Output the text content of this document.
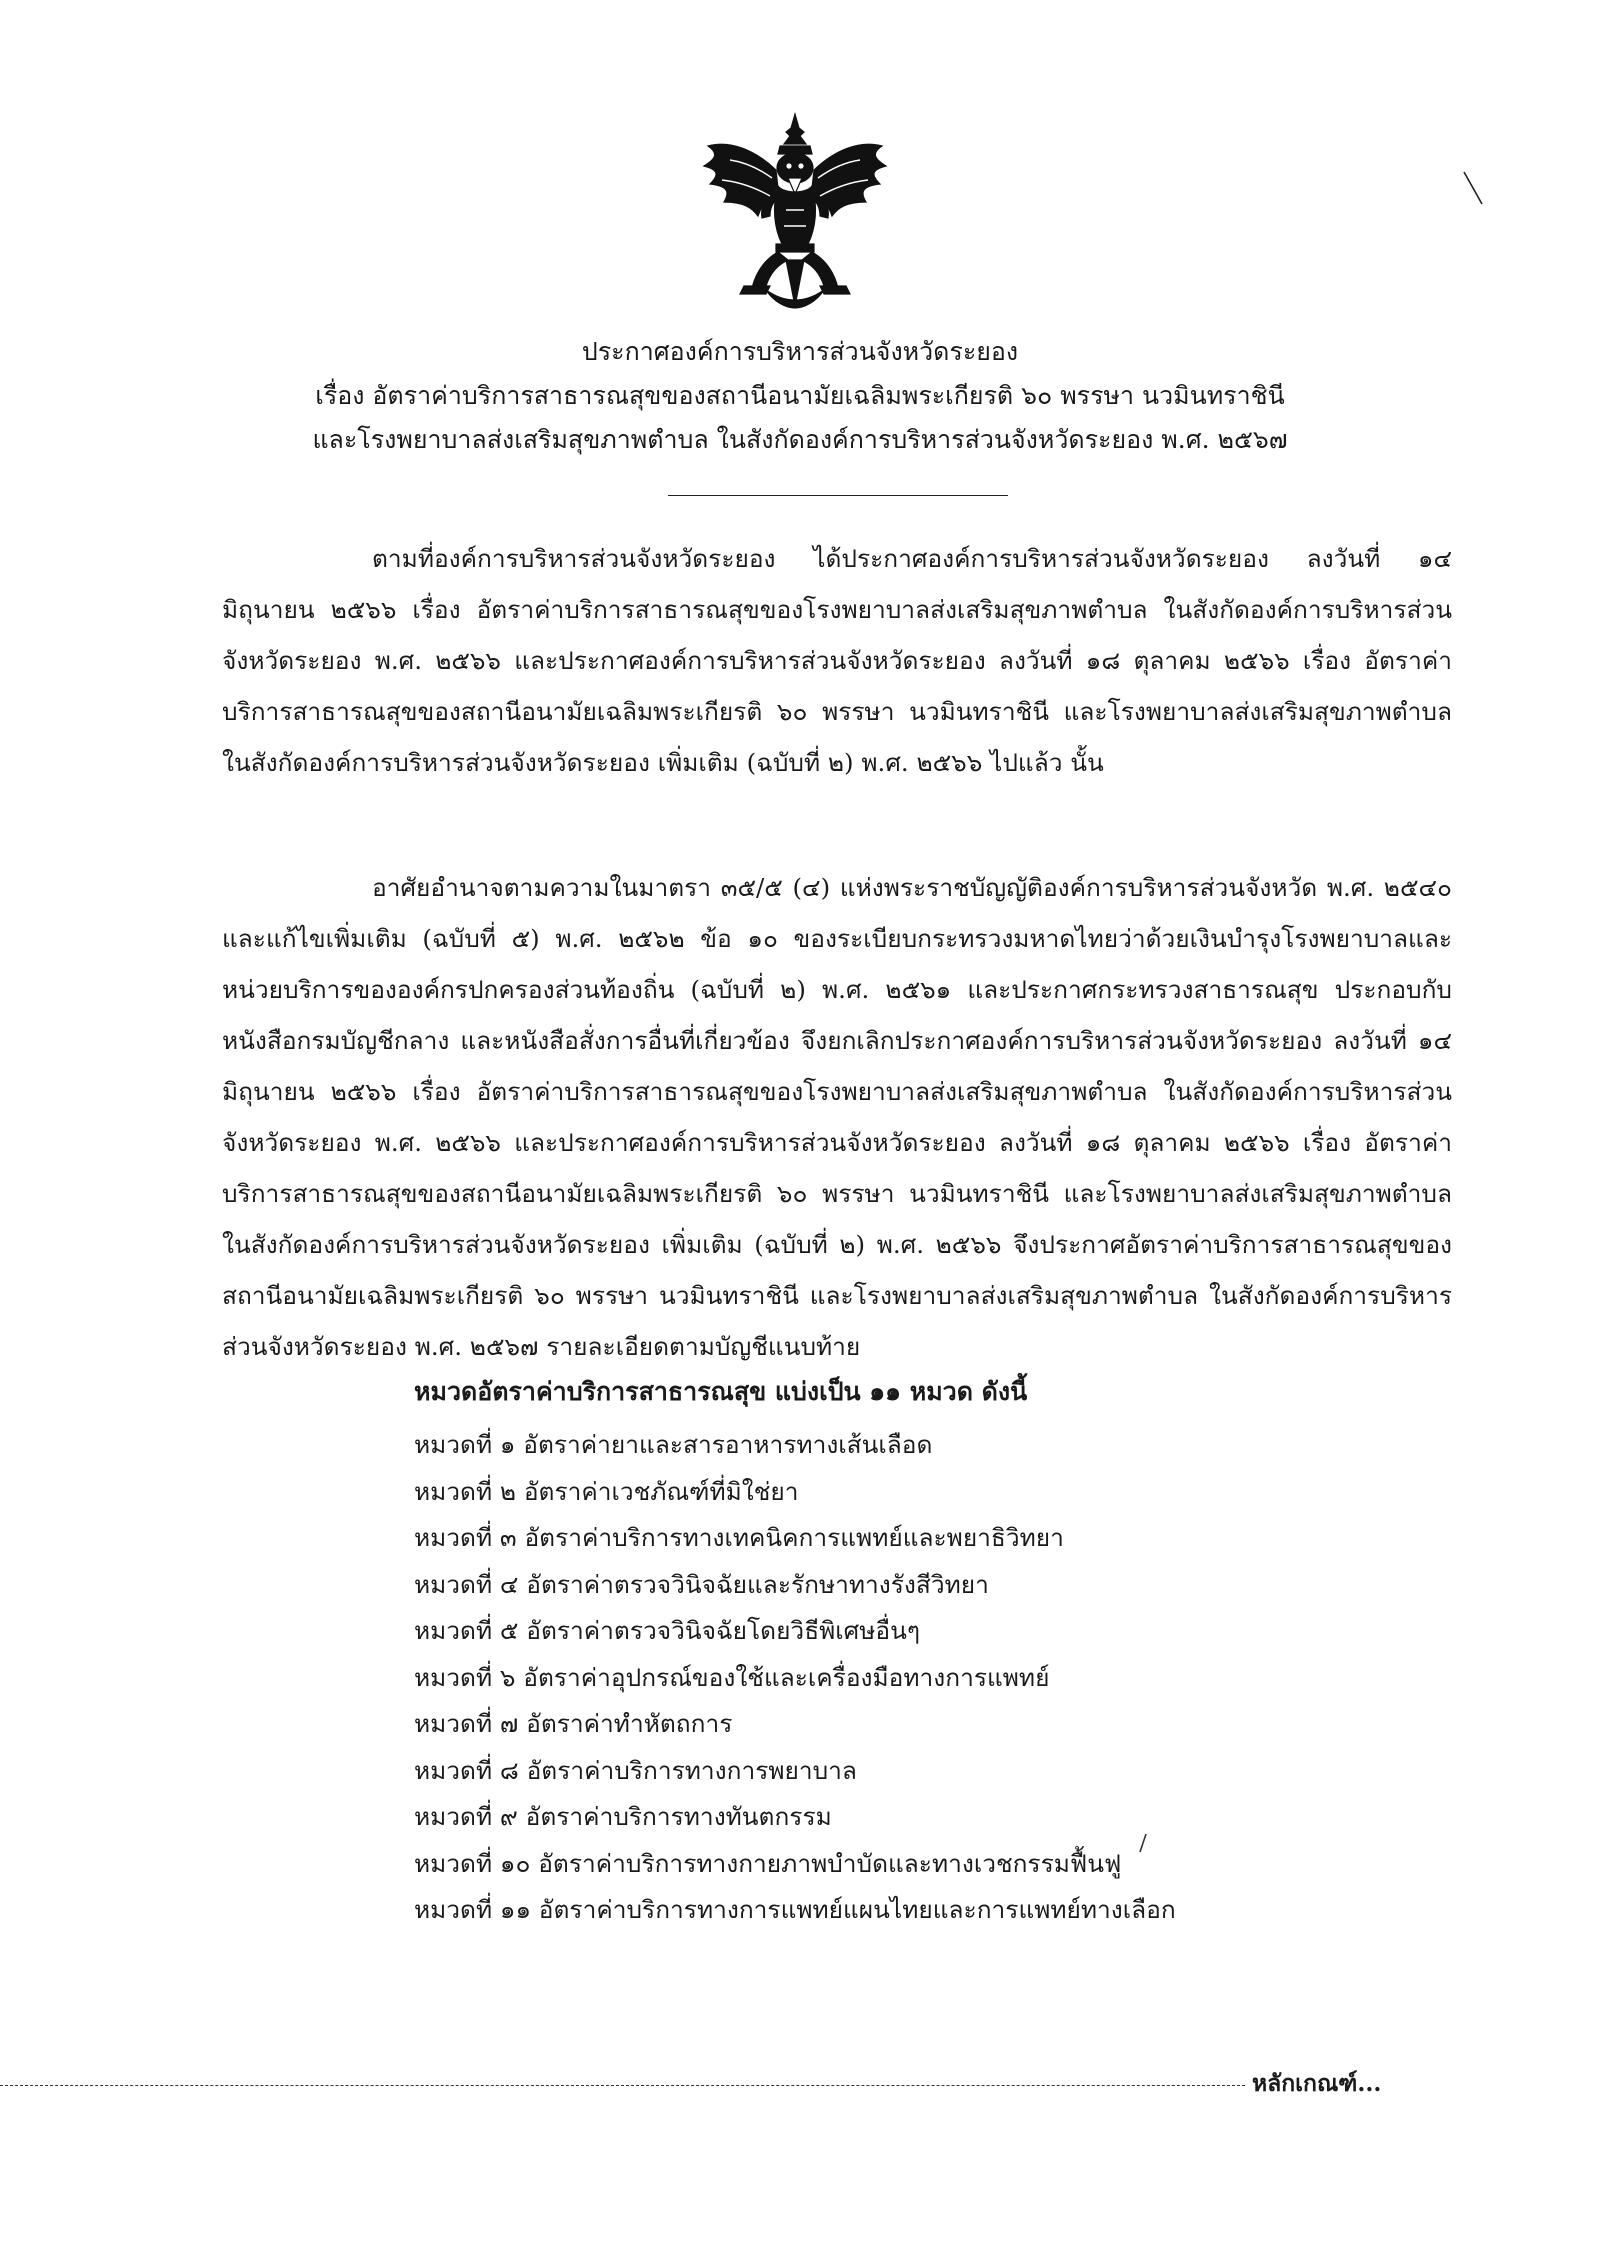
ประกาศองค์การบริหารส่วนจังหวัดระยอง
เรื่อง อัตราค่าบริการสาธารณสุขของสถานีอนามัยเฉลิมพระเกียรติ ๖๐ พรรษา นวมินทราชินี
และโรงพยาบาลส่งเสริมสุขภาพตำบล ในสังกัดองค์การบริหารส่วนจังหวัดระยอง พ.ศ. ๒๕๖๗

ตามที่องค์การบริหารส่วนจังหวัดระยอง ได้ประกาศองค์การบริหารส่วนจังหวัดระยอง ลงวันที่ ๑๔ มิถุนายน ๒๕๖๖ เรื่อง อัตราค่าบริการสาธารณสุขของโรงพยาบาลส่งเสริมสุขภาพตำบล ในสังกัดองค์การบริหารส่วนจังหวัดระยอง พ.ศ. ๒๕๖๖ และประกาศองค์การบริหารส่วนจังหวัดระยอง ลงวันที่ ๑๘ ตุลาคม ๒๕๖๖ เรื่อง อัตราค่าบริการสาธารณสุขของสถานีอนามัยเฉลิมพระเกียรติ ๖๐ พรรษา นวมินทราชินี และโรงพยาบาลส่งเสริมสุขภาพตำบล ในสังกัดองค์การบริหารส่วนจังหวัดระยอง เพิ่มเติม (ฉบับที่ ๒) พ.ศ. ๒๕๖๖ ไปแล้ว นั้น

อาศัยอำนาจตามความในมาตรา ๓๕/๕ (๔) แห่งพระราชบัญญัติองค์การบริหารส่วนจังหวัด พ.ศ. ๒๕๔๐ และแก้ไขเพิ่มเติม (ฉบับที่ ๕) พ.ศ. ๒๕๖๒ ข้อ ๑๐ ของระเบียบกระทรวงมหาดไทยว่าด้วยเงินบำรุงโรงพยาบาลและหน่วยบริการขององค์กรปกครองส่วนท้องถิ่น (ฉบับที่ ๒) พ.ศ. ๒๕๖๑ และประกาศกระทรวงสาธารณสุข ประกอบกับหนังสือกรมบัญชีกลาง และหนังสือสั่งการอื่นที่เกี่ยวข้อง จึงยกเลิกประกาศองค์การบริหารส่วนจังหวัดระยอง ลงวันที่ ๑๔ มิถุนายน ๒๕๖๖ เรื่อง อัตราค่าบริการสาธารณสุขของโรงพยาบาลส่งเสริมสุขภาพตำบล ในสังกัดองค์การบริหารส่วนจังหวัดระยอง พ.ศ. ๒๕๖๖ และประกาศองค์การบริหารส่วนจังหวัดระยอง ลงวันที่ ๑๘ ตุลาคม ๒๕๖๖ เรื่อง อัตราค่าบริการสาธารณสุขของสถานีอนามัยเฉลิมพระเกียรติ ๖๐ พรรษา นวมินทราชินี และโรงพยาบาลส่งเสริมสุขภาพตำบล ในสังกัดองค์การบริหารส่วนจังหวัดระยอง เพิ่มเติม (ฉบับที่ ๒) พ.ศ. ๒๕๖๖ จึงประกาศอัตราค่าบริการสาธารณสุขของสถานีอนามัยเฉลิมพระเกียรติ ๖๐ พรรษา นวมินทราชินี และโรงพยาบาลส่งเสริมสุขภาพตำบล ในสังกัดองค์การบริหารส่วนจังหวัดระยอง พ.ศ. ๒๕๖๗ รายละเอียดตามบัญชีแนบท้าย

หมวดอัตราค่าบริการสาธารณสุข แบ่งเป็น ๑๑ หมวด ดังนี้
หมวดที่ ๑ อัตราค่ายาและสารอาหารทางเส้นเลือด
หมวดที่ ๒ อัตราค่าเวชภัณฑ์ที่มิใช่ยา
หมวดที่ ๓ อัตราค่าบริการทางเทคนิคการแพทย์และพยาธิวิทยา
หมวดที่ ๔ อัตราค่าตรวจวินิจฉัยและรักษาทางรังสีวิทยา
หมวดที่ ๕ อัตราค่าตรวจวินิจฉัยโดยวิธีพิเศษอื่นๆ
หมวดที่ ๖ อัตราค่าอุปกรณ์ของใช้และเครื่องมือทางการแพทย์
หมวดที่ ๗ อัตราค่าทำหัตถการ
หมวดที่ ๘ อัตราค่าบริการทางการพยาบาล
หมวดที่ ๙ อัตราค่าบริการทางทันตกรรม
หมวดที่ ๑๐ อัตราค่าบริการทางกายภาพบำบัดและทางเวชกรรมฟื้นฟู
หมวดที่ ๑๑ อัตราค่าบริการทางการแพทย์แผนไทยและการแพทย์ทางเลือก
หลักเกณฑ์...
